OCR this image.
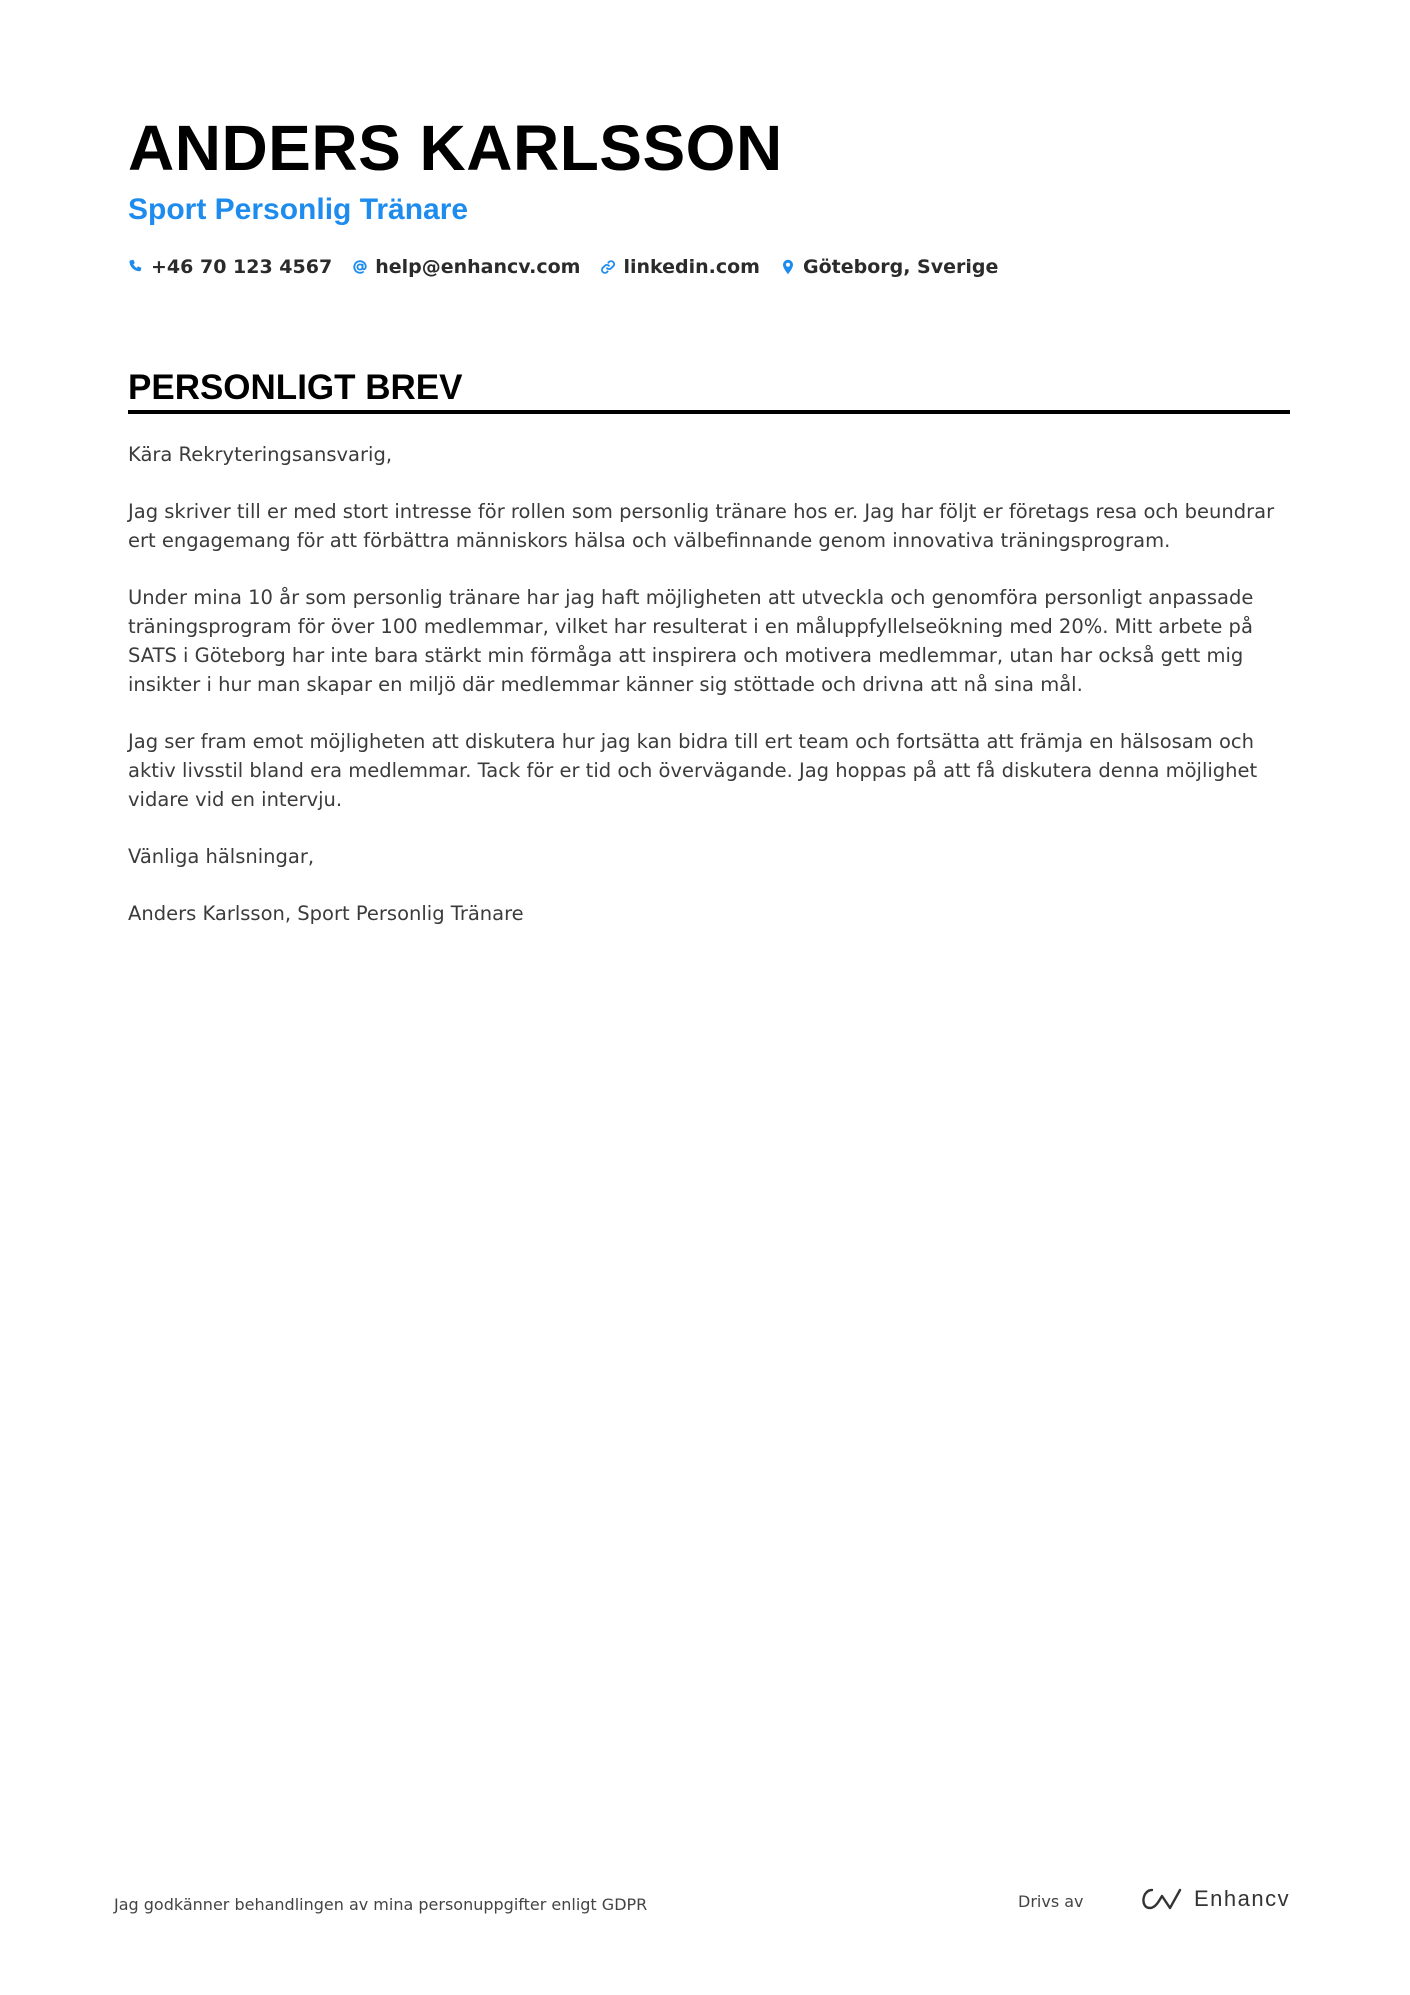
ANDERS KARLSSON
Sport Personlig Tränare
+46 70 123 4567 help@enhancv.com linkedin.com Göteborg, Sverige
PERSONLIGT BREV

Kära Rekryteringsansvarig,

Jag skriver till er med stort intresse för rollen som personlig tränare hos er. Jag har följt er företags resa och beundrar ert engagemang för att förbättra människors hälsa och välbefinnande genom innovativa träningsprogram.

Under mina 10 år som personlig tränare har jag haft möjligheten att utveckla och genomföra personligt anpassade träningsprogram för över 100 medlemmar, vilket har resulterat i en måluppfyllelseökning med 20%. Mitt arbete på SATS i Göteborg har inte bara stärkt min förmåga att inspirera och motivera medlemmar, utan har också gett mig insikter i hur man skapar en miljö där medlemmar känner sig stöttade och drivna att nå sina mål.

Jag ser fram emot möjligheten att diskutera hur jag kan bidra till ert team och fortsätta att främja en hälsosam och aktiv livsstil bland era medlemmar. Tack för er tid och övervägande. Jag hoppas på att få diskutera denna möjlighet vidare vid en intervju.

Vänliga hälsningar,

Anders Karlsson, Sport Personlig Tränare

Jag godkänner behandlingen av mina personuppgifter enligt GDPR	Drivs av	Enhancv
